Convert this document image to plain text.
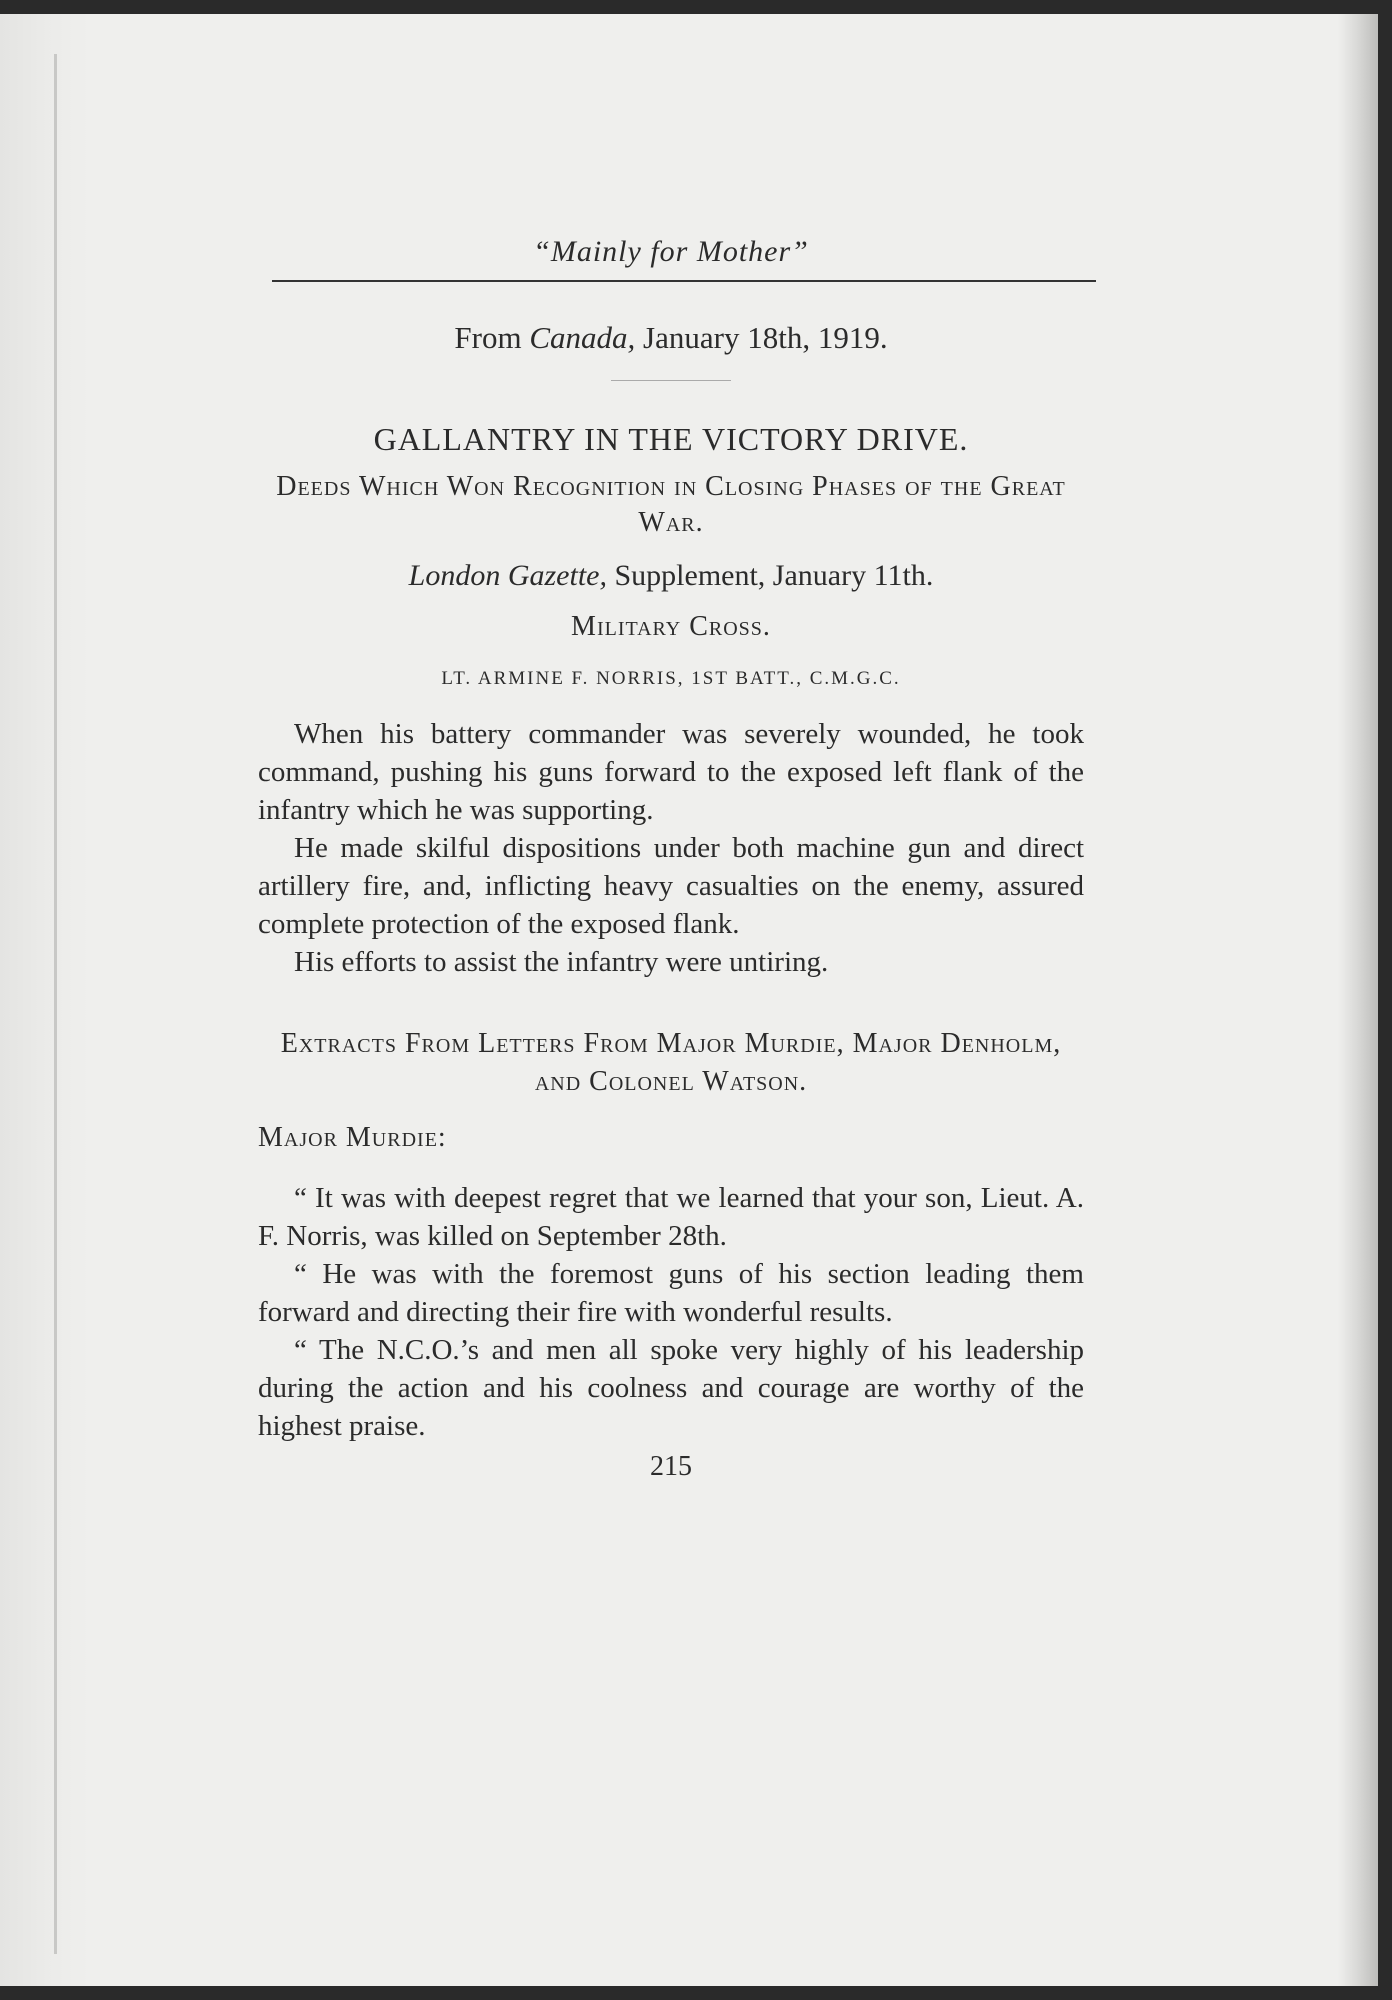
“Mainly for Mother”
From Canada, January 18th, 1919.
GALLANTRY IN THE VICTORY DRIVE.
Deeds Which Won Recognition in Closing Phases of the Great War.
London Gazette, Supplement, January 11th.
Military Cross.
LT. ARMINE F. NORRIS, 1ST BATT., C.M.G.C.

When his battery commander was severely wounded, he took command, pushing his guns forward to the exposed left flank of the infantry which he was supporting.

He made skilful dispositions under both machine gun and direct artillery fire, and, inflicting heavy casualties on the enemy, assured complete protection of the exposed flank.

His efforts to assist the infantry were untiring.

Extracts From Letters From Major Murdie, Major Denholm, and Colonel Watson.
Major Murdie:

“ It was with deepest regret that we learned that your son, Lieut. A. F. Norris, was killed on September 28th.

“ He was with the foremost guns of his section leading them forward and directing their fire with wonderful results.

“ The N.C.O.’s and men all spoke very highly of his leadership during the action and his coolness and courage are worthy of the highest praise.

215
